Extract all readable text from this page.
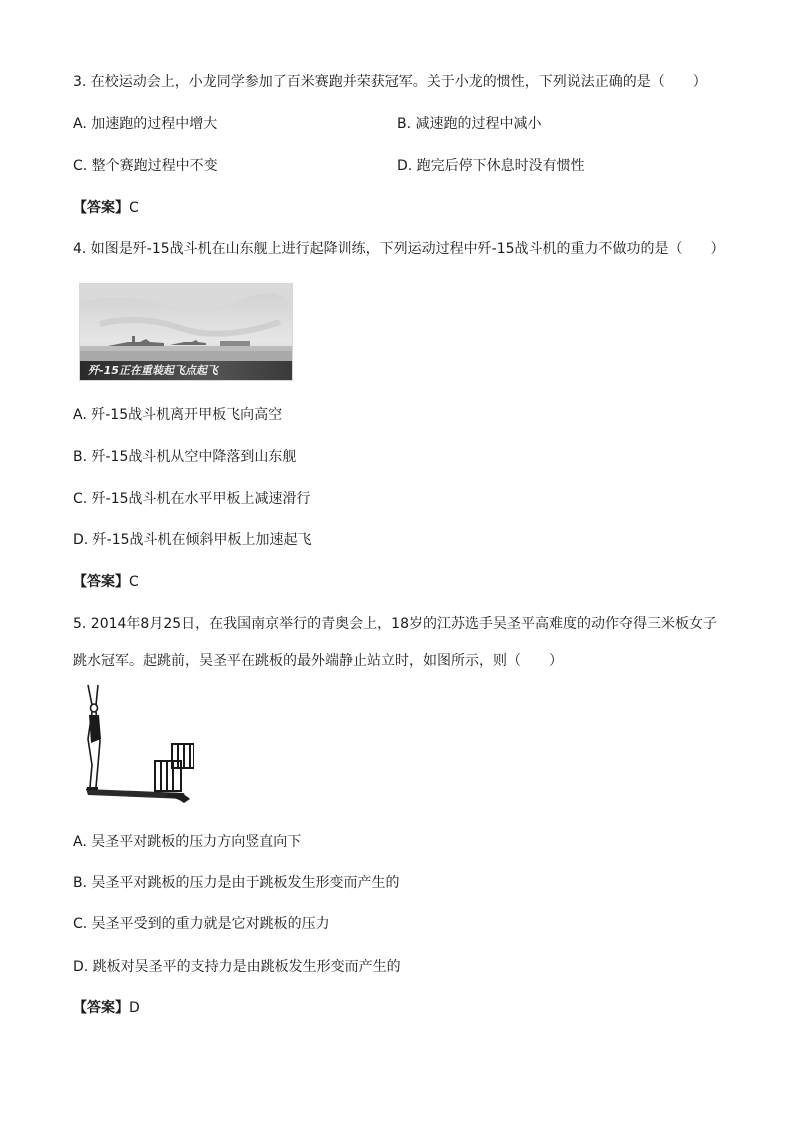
3. 在校运动会上，小龙同学参加了百米赛跑并荣获冠军。关于小龙的惯性，下列说法正确的是（　　）
A. 加速跑的过程中增大	B. 减速跑的过程中减小
C. 整个赛跑过程中不变	D. 跑完后停下休息时没有惯性
【答案】C
4. 如图是歼-15战斗机在山东舰上进行起降训练，下列运动过程中歼-15战斗机的重力不做功的是（　　）
歼-15正在重装起飞点起飞
A. 歼-15战斗机离开甲板飞向高空
B. 歼-15战斗机从空中降落到山东舰
C. 歼-15战斗机在水平甲板上减速滑行
D. 歼-15战斗机在倾斜甲板上加速起飞
【答案】C
5. 2014年8月25日，在我国南京举行的青奥会上，18岁的江苏选手吴圣平高难度的动作夺得三米板女子
跳水冠军。起跳前，吴圣平在跳板的最外端静止站立时，如图所示，则（　　）
A. 吴圣平对跳板的压力方向竖直向下
B. 吴圣平对跳板的压力是由于跳板发生形变而产生的
C. 吴圣平受到的重力就是它对跳板的压力
D. 跳板对吴圣平的支持力是由跳板发生形变而产生的
【答案】D
